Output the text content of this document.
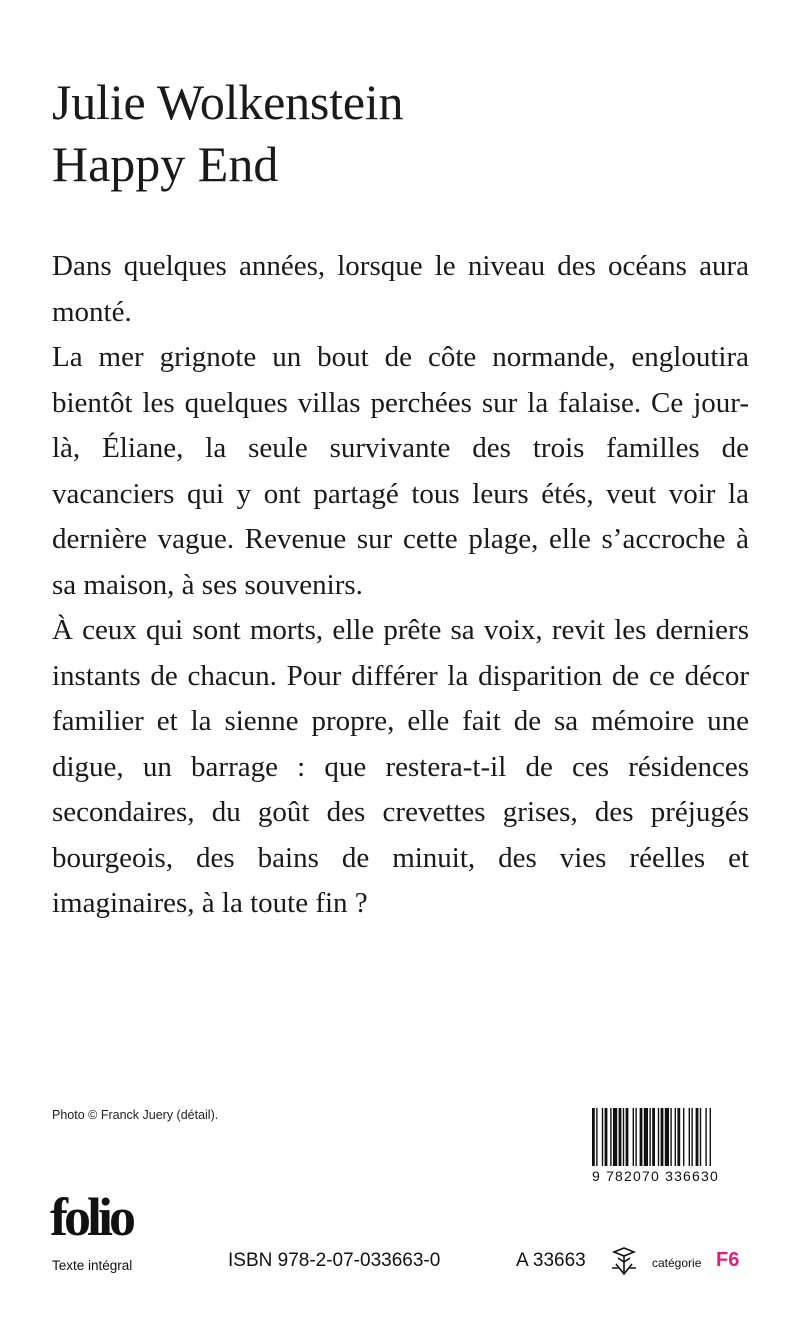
Julie Wolkenstein
Happy End

Dans quelques années, lorsque le niveau des océans aura monté.

La mer grignote un bout de côte normande, engloutira bientôt les quelques villas perchées sur la falaise. Ce jour-là, Éliane, la seule survivante des trois familles de vacanciers qui y ont partagé tous leurs étés, veut voir la dernière vague. Revenue sur cette plage, elle s’accroche à sa maison, à ses souvenirs.

À ceux qui sont morts, elle prête sa voix, revit les derniers instants de chacun. Pour différer la disparition de ce décor familier et la sienne propre, elle fait de sa mémoire une digue, un barrage : que restera-t-il de ces résidences secondaires, du goût des crevettes grises, des préjugés bourgeois, des bains de minuit, des vies réelles et imaginaires, à la toute fin ?

Photo © Franck Juery (détail).
9 782070 336630
folio
Texte intégral	ISBN 978-2-07-033663-0	A 33663	catégorie F6
